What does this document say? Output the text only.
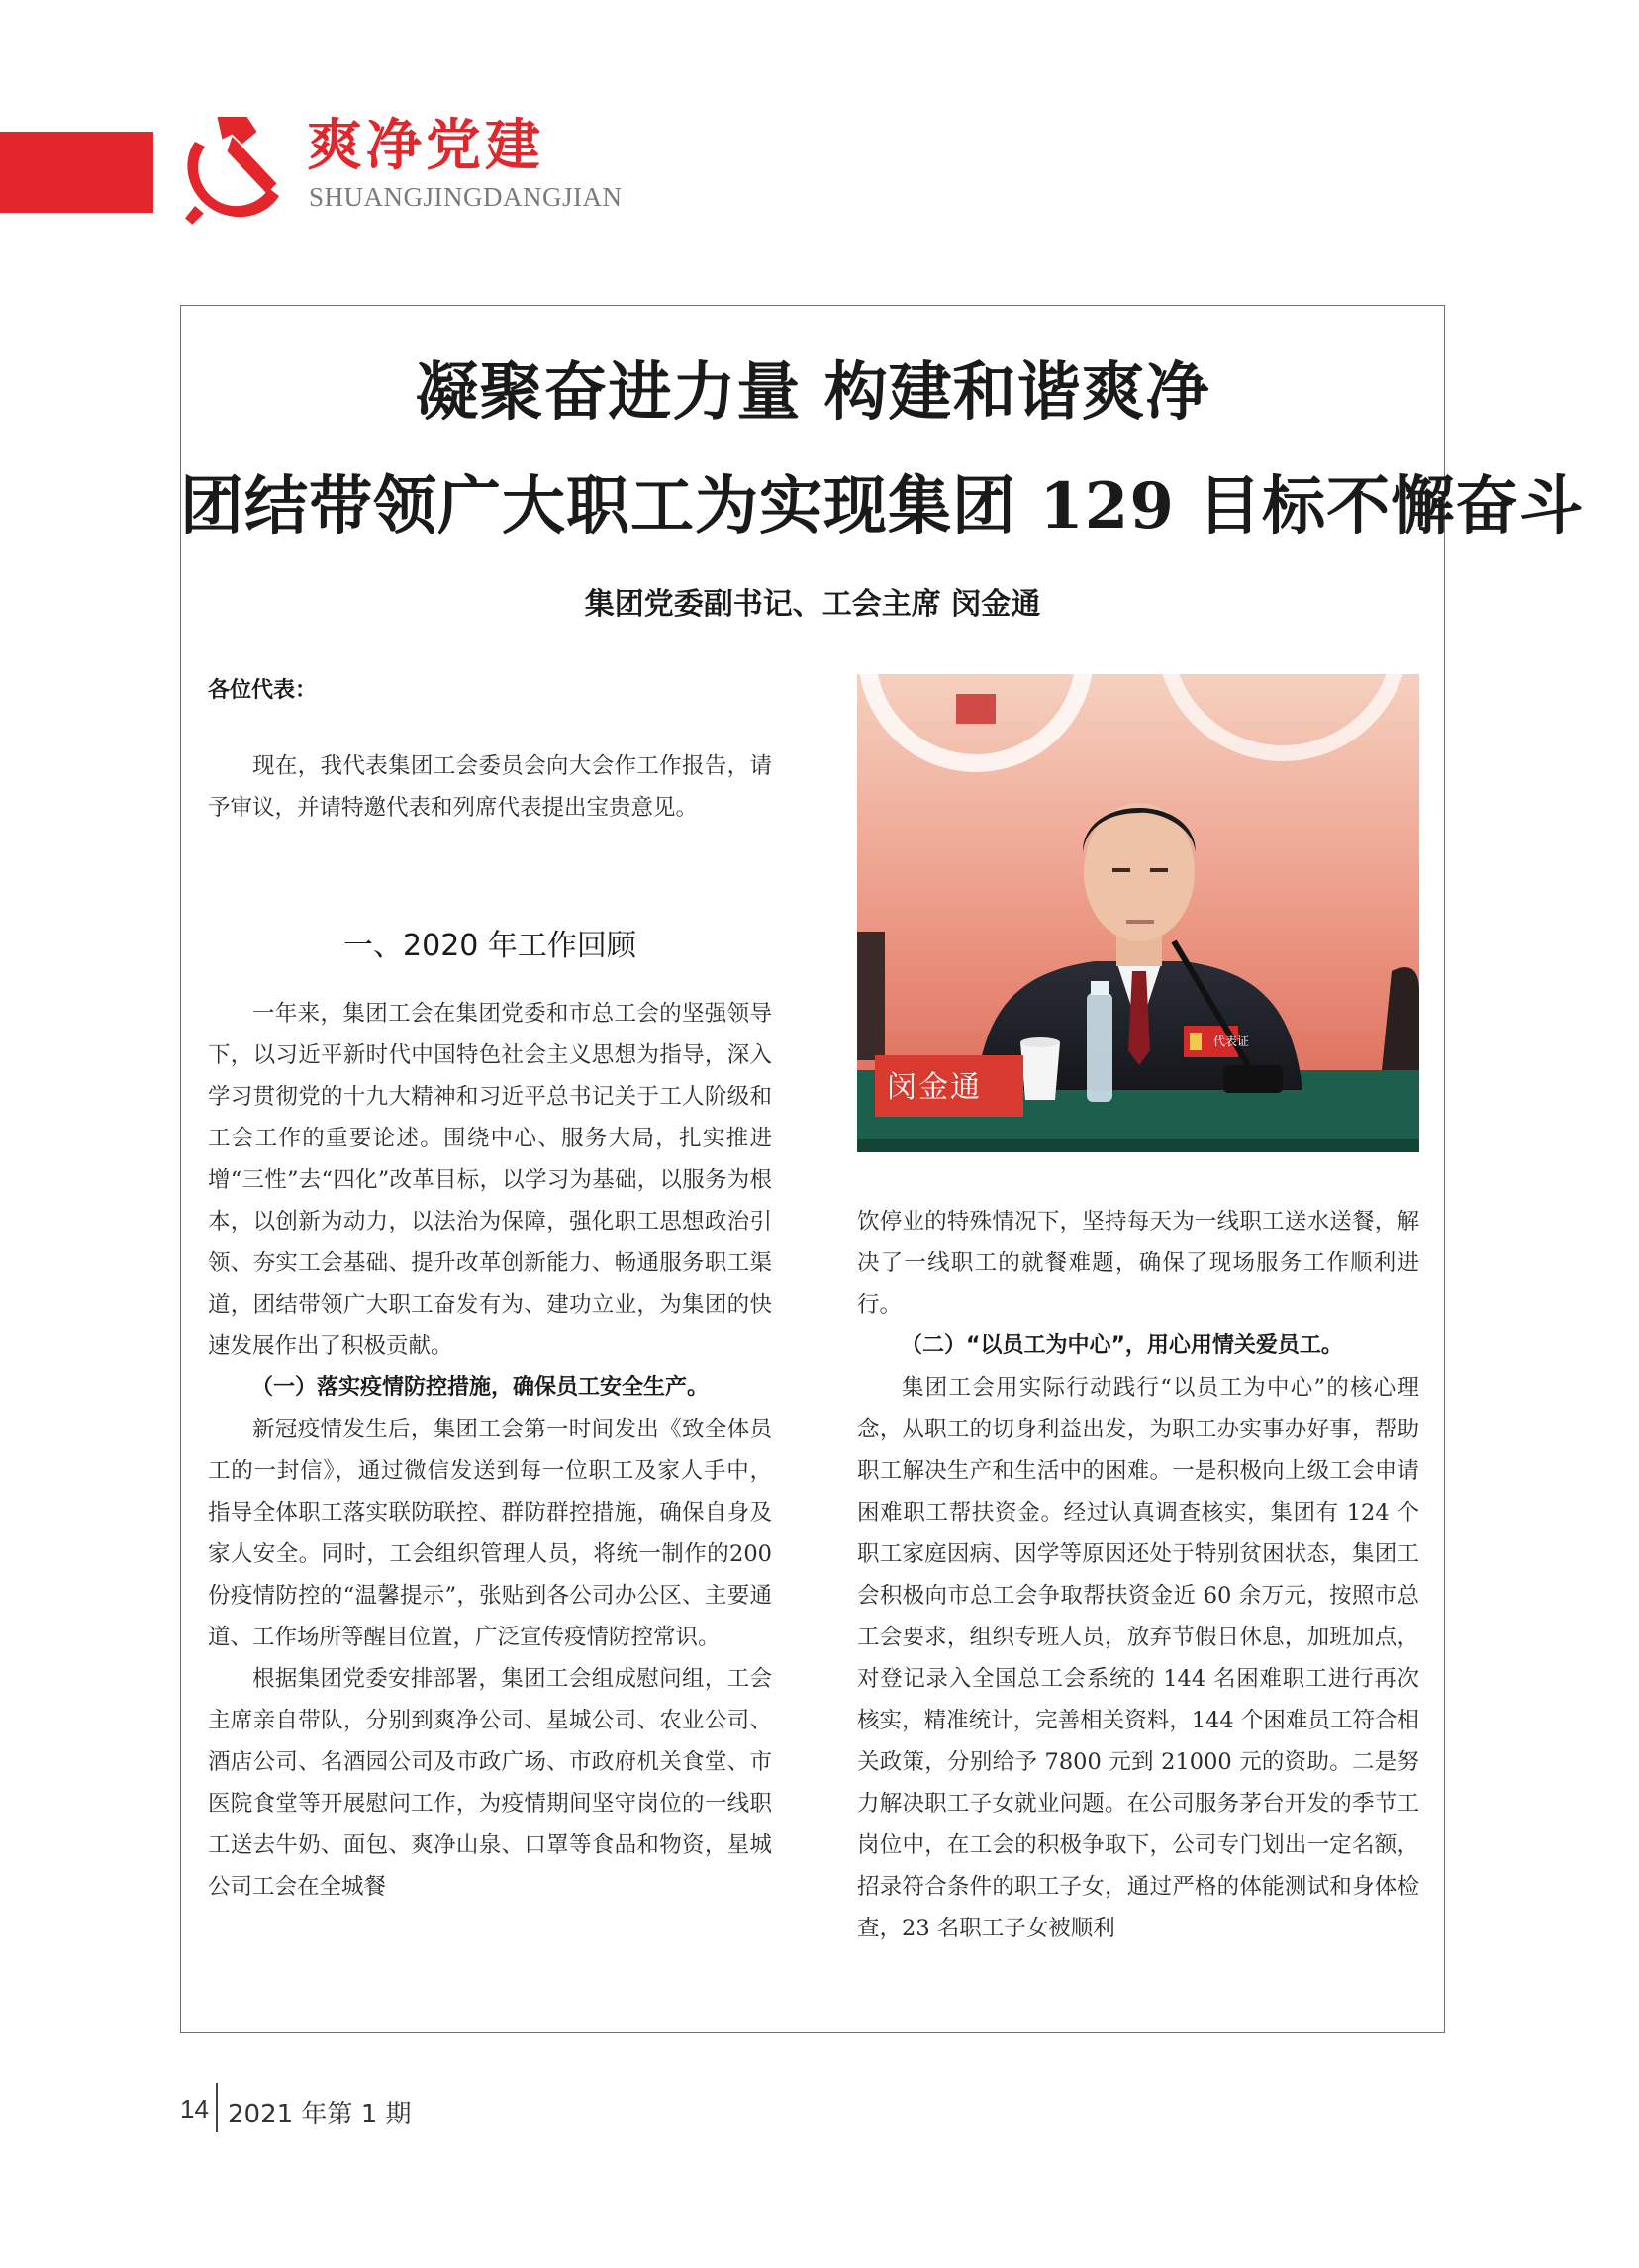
爽净党建
SHUANGJINGDANGJIAN
凝聚奋进力量 构建和谐爽净
团结带领广大职工为实现集团 129 目标不懈奋斗
集团党委副书记、工会主席 闵金通
各位代表：

现在，我代表集团工会委员会向大会作工作报告，请予审议，并请特邀代表和列席代表提出宝贵意见。

一、2020 年工作回顾

一年来，集团工会在集团党委和市总工会的坚强领导下，以习近平新时代中国特色社会主义思想为指导，深入学习贯彻党的十九大精神和习近平总书记关于工人阶级和工会工作的重要论述。围绕中心、服务大局，扎实推进增“三性”去“四化”改革目标，以学习为基础，以服务为根本，以创新为动力，以法治为保障，强化职工思想政治引领、夯实工会基础、提升改革创新能力、畅通服务职工渠道，团结带领广大职工奋发有为、建功立业，为集团的快速发展作出了积极贡献。

（一）落实疫情防控措施，确保员工安全生产。

新冠疫情发生后，集团工会第一时间发出《致全体员工的一封信》，通过微信发送到每一位职工及家人手中，指导全体职工落实联防联控、群防群控措施，确保自身及家人安全。同时，工会组织管理人员，将统一制作的200份疫情防控的“温馨提示”，张贴到各公司办公区、主要通道、工作场所等醒目位置，广泛宣传疫情防控常识。

根据集团党委安排部署，集团工会组成慰问组，工会主席亲自带队，分别到爽净公司、星城公司、农业公司、酒店公司、名酒园公司及市政广场、市政府机关食堂、市医院食堂等开展慰问工作，为疫情期间坚守岗位的一线职工送去牛奶、面包、爽净山泉、口罩等食品和物资，星城公司工会在全城餐

闵金通
代表证

饮停业的特殊情况下，坚持每天为一线职工送水送餐，解决了一线职工的就餐难题，确保了现场服务工作顺利进行。

（二）“以员工为中心”，用心用情关爱员工。

集团工会用实际行动践行“以员工为中心”的核心理念，从职工的切身利益出发，为职工办实事办好事，帮助职工解决生产和生活中的困难。一是积极向上级工会申请困难职工帮扶资金。经过认真调查核实，集团有 124 个职工家庭因病、因学等原因还处于特别贫困状态，集团工会积极向市总工会争取帮扶资金近 60 余万元，按照市总工会要求，组织专班人员，放弃节假日休息，加班加点，对登记录入全国总工会系统的 144 名困难职工进行再次核实，精准统计，完善相关资料，144 个困难员工符合相关政策，分别给予 7800 元到 21000 元的资助。二是努力解决职工子女就业问题。在公司服务茅台开发的季节工岗位中，在工会的积极争取下，公司专门划出一定名额，招录符合条件的职工子女，通过严格的体能测试和身体检查，23 名职工子女被顺利

14 2021 年第 1 期
